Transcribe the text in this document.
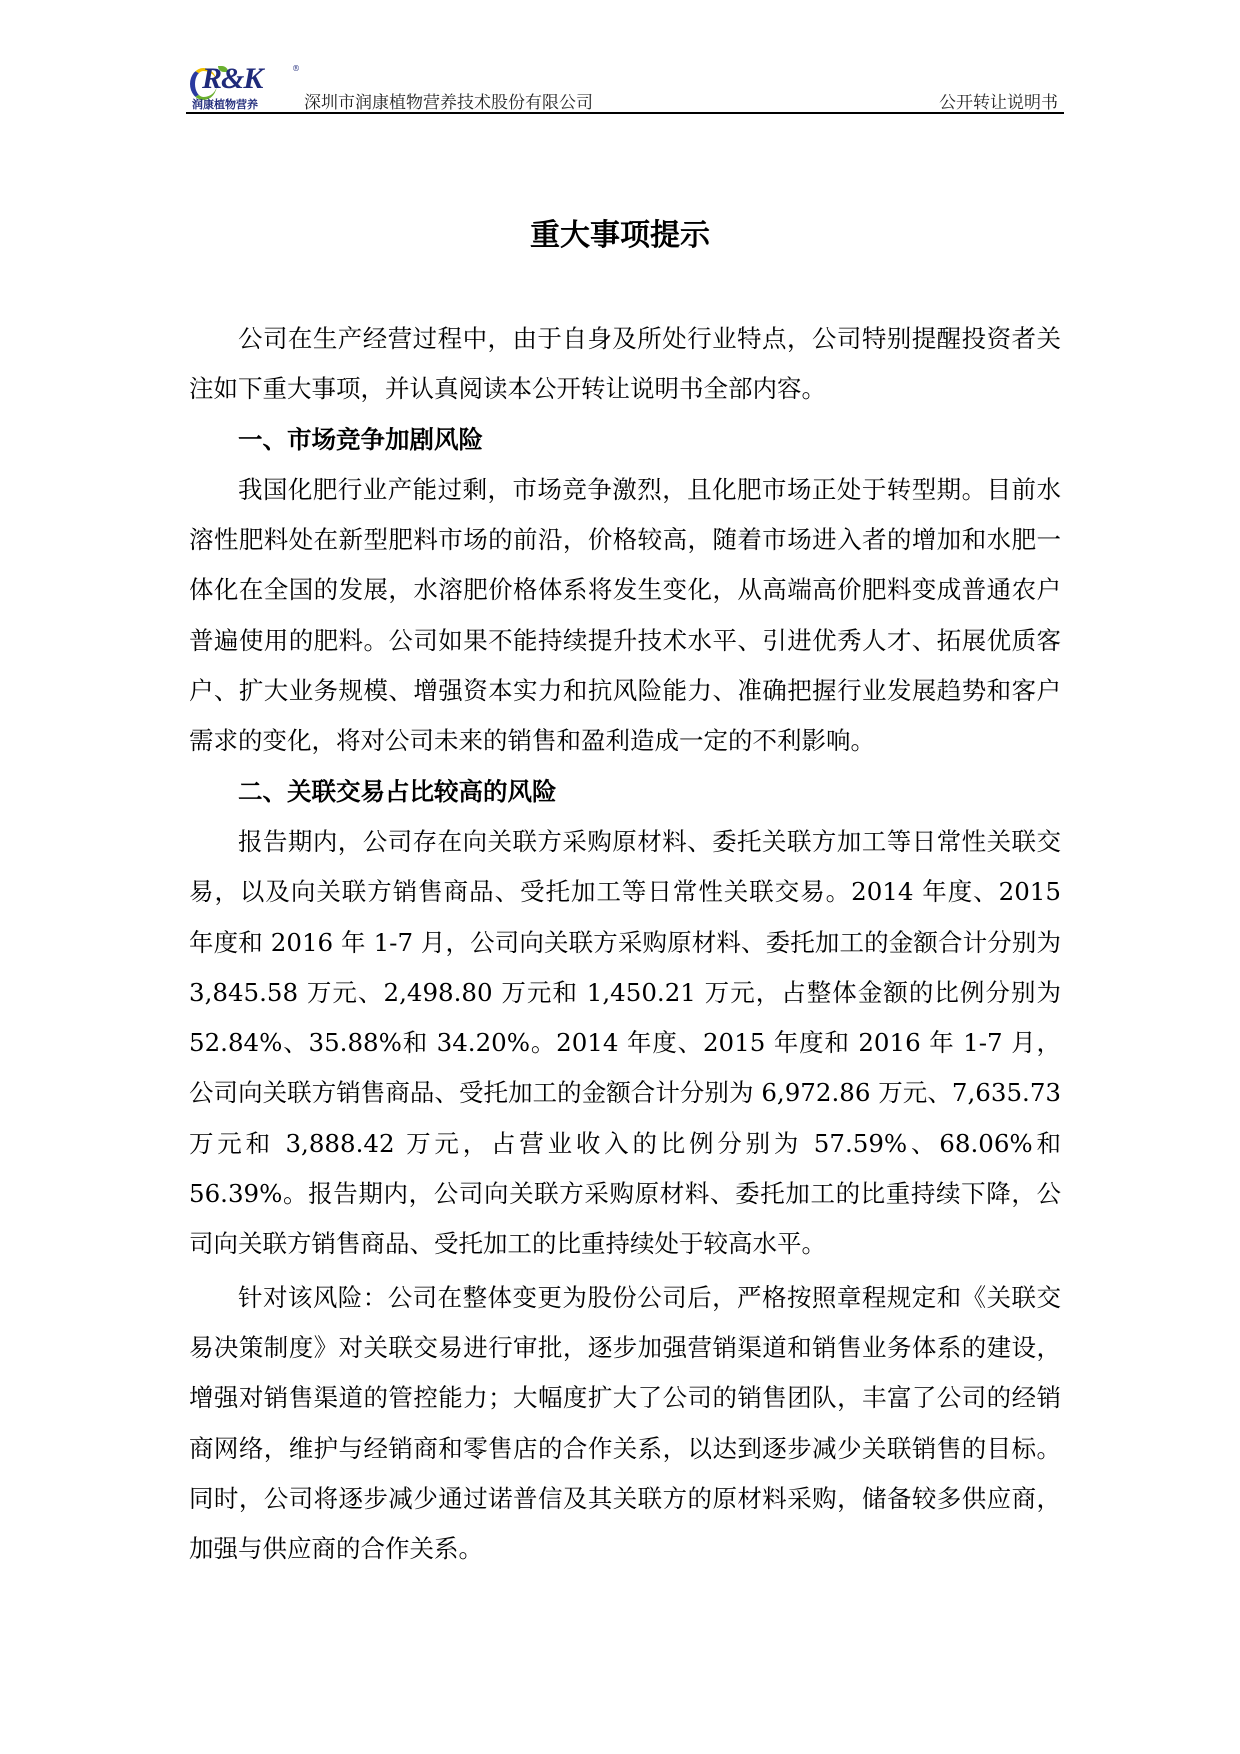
R&K	®
润康植物营养	深圳市润康植物营养技术股份有限公司	公开转让说明书
重大事项提示

公司在生产经营过程中，由于自身及所处行业特点，公司特别提醒投资者关注如下重大事项，并认真阅读本公开转让说明书全部内容。

一、市场竞争加剧风险

我国化肥行业产能过剩，市场竞争激烈，且化肥市场正处于转型期。目前水溶性肥料处在新型肥料市场的前沿，价格较高，随着市场进入者的增加和水肥一体化在全国的发展，水溶肥价格体系将发生变化，从高端高价肥料变成普通农户普遍使用的肥料。公司如果不能持续提升技术水平、引进优秀人才、拓展优质客户、扩大业务规模、增强资本实力和抗风险能力、准确把握行业发展趋势和客户需求的变化，将对公司未来的销售和盈利造成一定的不利影响。

二、关联交易占比较高的风险

报告期内，公司存在向关联方采购原材料、委托关联方加工等日常性关联交易，以及向关联方销售商品、受托加工等日常性关联交易。2014 年度、2015 年度和 2016 年 1-7 月，公司向关联方采购原材料、委托加工的金额合计分别为 3,845.58 万元、2,498.80 万元和 1,450.21 万元，占整体金额的比例分别为 52.84%、35.88%和 34.20%。2014 年度、2015 年度和 2016 年 1-7 月，公司向关联方销售商品、受托加工的金额合计分别为 6,972.86 万元、7,635.73 万元和 3,888.42 万元，占营业收入的比例分别为 57.59%、68.06%和 56.39%。报告期内，公司向关联方采购原材料、委托加工的比重持续下降，公司向关联方销售商品、受托加工的比重持续处于较高水平。

针对该风险：公司在整体变更为股份公司后，严格按照章程规定和《关联交易决策制度》对关联交易进行审批，逐步加强营销渠道和销售业务体系的建设，增强对销售渠道的管控能力；大幅度扩大了公司的销售团队，丰富了公司的经销商网络，维护与经销商和零售店的合作关系，以达到逐步减少关联销售的目标。同时，公司将逐步减少通过诺普信及其关联方的原材料采购，储备较多供应商，加强与供应商的合作关系。
